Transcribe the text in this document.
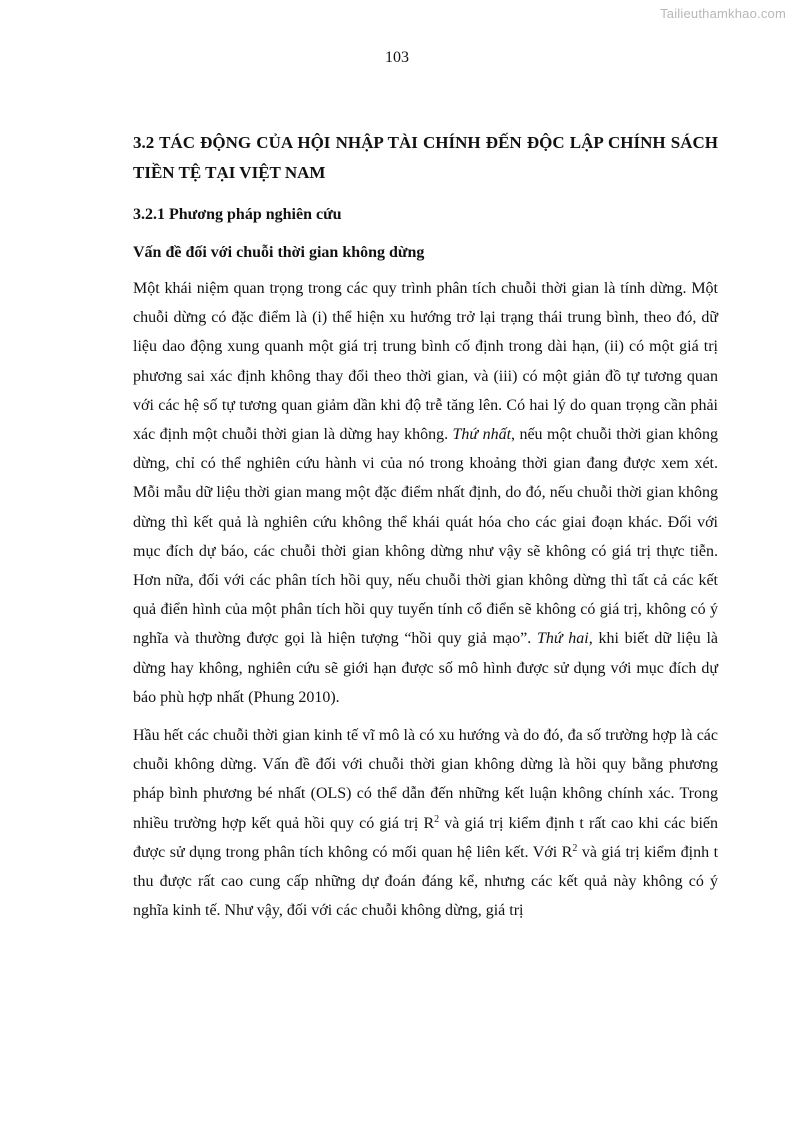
Tailieuthamkhao.com
103
3.2 TÁC ĐỘNG CỦA HỘI NHẬP TÀI CHÍNH ĐẾN ĐỘC LẬP CHÍNH SÁCH TIỀN TỆ TẠI VIỆT NAM
3.2.1 Phương pháp nghiên cứu
Vấn đề đối với chuỗi thời gian không dừng

Một khái niệm quan trọng trong các quy trình phân tích chuỗi thời gian là tính dừng. Một chuỗi dừng có đặc điểm là (i) thể hiện xu hướng trở lại trạng thái trung bình, theo đó, dữ liệu dao động xung quanh một giá trị trung bình cố định trong dài hạn, (ii) có một giá trị phương sai xác định không thay đổi theo thời gian, và (iii) có một giản đồ tự tương quan với các hệ số tự tương quan giảm dần khi độ trễ tăng lên. Có hai lý do quan trọng cần phải xác định một chuỗi thời gian là dừng hay không. Thứ nhất, nếu một chuỗi thời gian không dừng, chỉ có thể nghiên cứu hành vi của nó trong khoảng thời gian đang được xem xét. Mỗi mẫu dữ liệu thời gian mang một đặc điểm nhất định, do đó, nếu chuỗi thời gian không dừng thì kết quả là nghiên cứu không thể khái quát hóa cho các giai đoạn khác. Đối với mục đích dự báo, các chuỗi thời gian không dừng như vậy sẽ không có giá trị thực tiễn. Hơn nữa, đối với các phân tích hồi quy, nếu chuỗi thời gian không dừng thì tất cả các kết quả điển hình của một phân tích hồi quy tuyến tính cổ điển sẽ không có giá trị, không có ý nghĩa và thường được gọi là hiện tượng “hồi quy giả mạo”. Thứ hai, khi biết dữ liệu là dừng hay không, nghiên cứu sẽ giới hạn được số mô hình được sử dụng với mục đích dự báo phù hợp nhất (Phung 2010).

Hầu hết các chuỗi thời gian kinh tế vĩ mô là có xu hướng và do đó, đa số trường hợp là các chuỗi không dừng. Vấn đề đối với chuỗi thời gian không dừng là hồi quy bằng phương pháp bình phương bé nhất (OLS) có thể dẫn đến những kết luận không chính xác. Trong nhiều trường hợp kết quả hồi quy có giá trị $R^2$ và giá trị kiểm định t rất cao khi các biến được sử dụng trong phân tích không có mối quan hệ liên kết. Với $R^2$ và giá trị kiểm định t thu được rất cao cung cấp những dự đoán đáng kể, nhưng các kết quả này không có ý nghĩa kinh tế. Như vậy, đối với các chuỗi không dừng, giá trị
